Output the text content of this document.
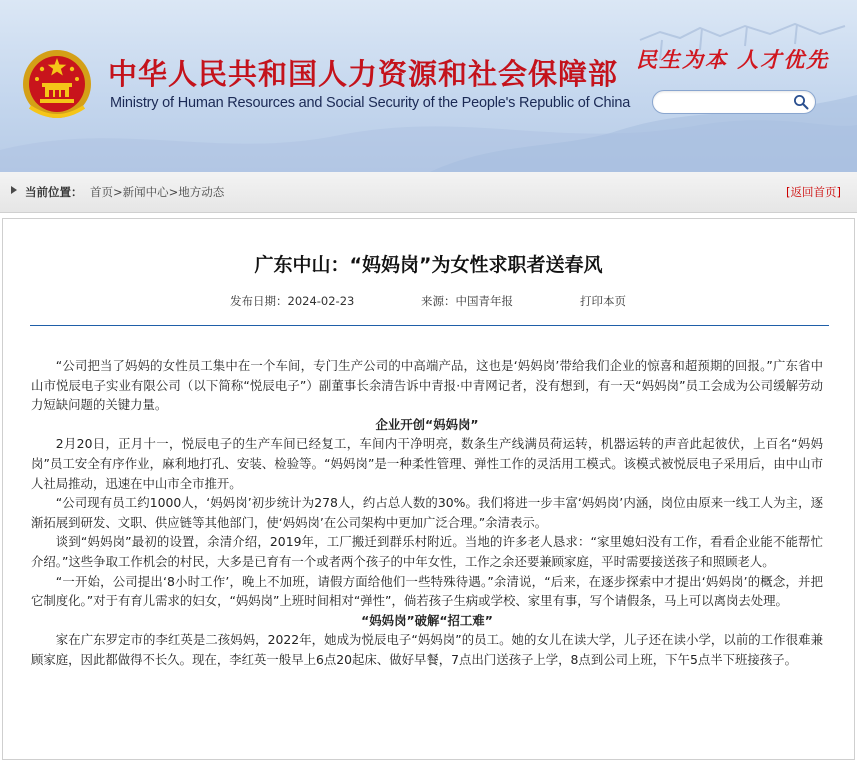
中华人民共和国人力资源和社会保障部
Ministry of Human Resources and Social Security of the People's Republic of China
民生为本 人才优先
当前位置： 首页>新闻中心>地方动态	[返回首页]
广东中山：“妈妈岗”为女性求职者送春风
发布日期：2024-02-23	来源：中国青年报	打印本页

“公司把当了妈妈的女性员工集中在一个车间，专门生产公司的中高端产品，这也是‘妈妈岗’带给我们企业的惊喜和超预期的回报。”广东省中山市悦辰电子实业有限公司（以下简称“悦辰电子”）副董事长余清告诉中青报·中青网记者，没有想到，有一天“妈妈岗”员工会成为公司缓解劳动力短缺问题的关键力量。

企业开创“妈妈岗”

2月20日，正月十一，悦辰电子的生产车间已经复工，车间内干净明亮，数条生产线满员荷运转，机器运转的声音此起彼伏，上百名“妈妈岗”员工安全有序作业，麻利地打孔、安装、检验等。“妈妈岗”是一种柔性管理、弹性工作的灵活用工模式。该模式被悦辰电子采用后，由中山市人社局推动，迅速在中山市全市推开。

“公司现有员工约1000人，‘妈妈岗’初步统计为278人，约占总人数的30%。我们将进一步丰富‘妈妈岗’内涵，岗位由原来一线工人为主，逐渐拓展到研发、文职、供应链等其他部门，使‘妈妈岗’在公司架构中更加广泛合理。”余清表示。

谈到“妈妈岗”最初的设置，余清介绍，2019年，工厂搬迁到群乐村附近。当地的许多老人恳求：“家里媳妇没有工作，看看企业能不能帮忙介绍。”这些争取工作机会的村民，大多是已育有一个或者两个孩子的中年女性，工作之余还要兼顾家庭，平时需要接送孩子和照顾老人。

“一开始，公司提出‘8小时工作’，晚上不加班，请假方面给他们一些特殊待遇。”余清说，“后来，在逐步探索中才提出‘妈妈岗’的概念，并把它制度化。”对于有育儿需求的妇女，“妈妈岗”上班时间相对“弹性”，倘若孩子生病或学校、家里有事，写个请假条，马上可以离岗去处理。

“妈妈岗”破解“招工难”

家在广东罗定市的李红英是二孩妈妈，2022年，她成为悦辰电子“妈妈岗”的员工。她的女儿在读大学，儿子还在读小学，以前的工作很难兼顾家庭，因此都做得不长久。现在，李红英一般早上6点20起床、做好早餐，7点出门送孩子上学，8点到公司上班，下午5点半下班接孩子。
